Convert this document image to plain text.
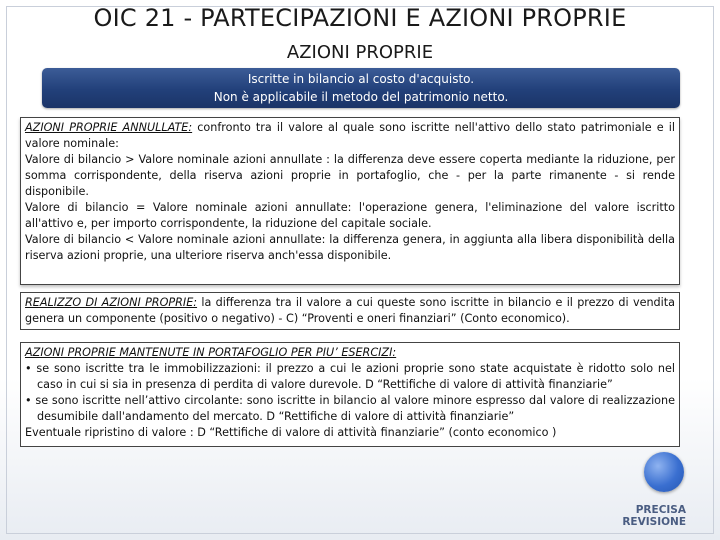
OIC 21 - PARTECIPAZIONI E AZIONI PROPRIE
AZIONI PROPRIE
Iscritte in bilancio al costo d'acquisto.
Non è applicabile il metodo del patrimonio netto.
AZIONI PROPRIE ANNULLATE: confronto tra il valore al quale sono iscritte nell'attivo dello stato patrimoniale e il valore nominale:
Valore di bilancio > Valore nominale azioni annullate : la differenza deve essere coperta mediante la riduzione, per somma corrispondente, della riserva azioni proprie in portafoglio, che - per la parte rimanente - si rende disponibile.
Valore di bilancio = Valore nominale azioni annullate: l'operazione genera, l'eliminazione del valore iscritto all'attivo e, per importo corrispondente, la riduzione del capitale sociale.
Valore di bilancio < Valore nominale azioni annullate: la differenza genera, in aggiunta alla libera disponibilità della riserva azioni proprie, una ulteriore riserva anch'essa disponibile.
REALIZZO DI AZIONI PROPRIE: la differenza tra il valore a cui queste sono iscritte in bilancio e il prezzo di vendita genera un componente (positivo o negativo) - C) “Proventi e oneri finanziari” (Conto economico).
AZIONI PROPRIE MANTENUTE IN PORTAFOGLIO PER PIU’ ESERCIZI:
• se sono iscritte tra le immobilizzazioni: il prezzo a cui le azioni proprie sono state acquistate è ridotto solo nel caso in cui si sia in presenza di perdita di valore durevole. D “Rettifiche di valore di attività finanziarie”
• se sono iscritte nell’attivo circolante: sono iscritte in bilancio al valore minore espresso dal valore di realizzazione desumibile dall'andamento del mercato. D “Rettifiche di valore di attività finanziarie”
Eventuale ripristino di valore : D “Rettifiche di valore di attività finanziarie” (conto economico )
PRECISA REVISIONE
